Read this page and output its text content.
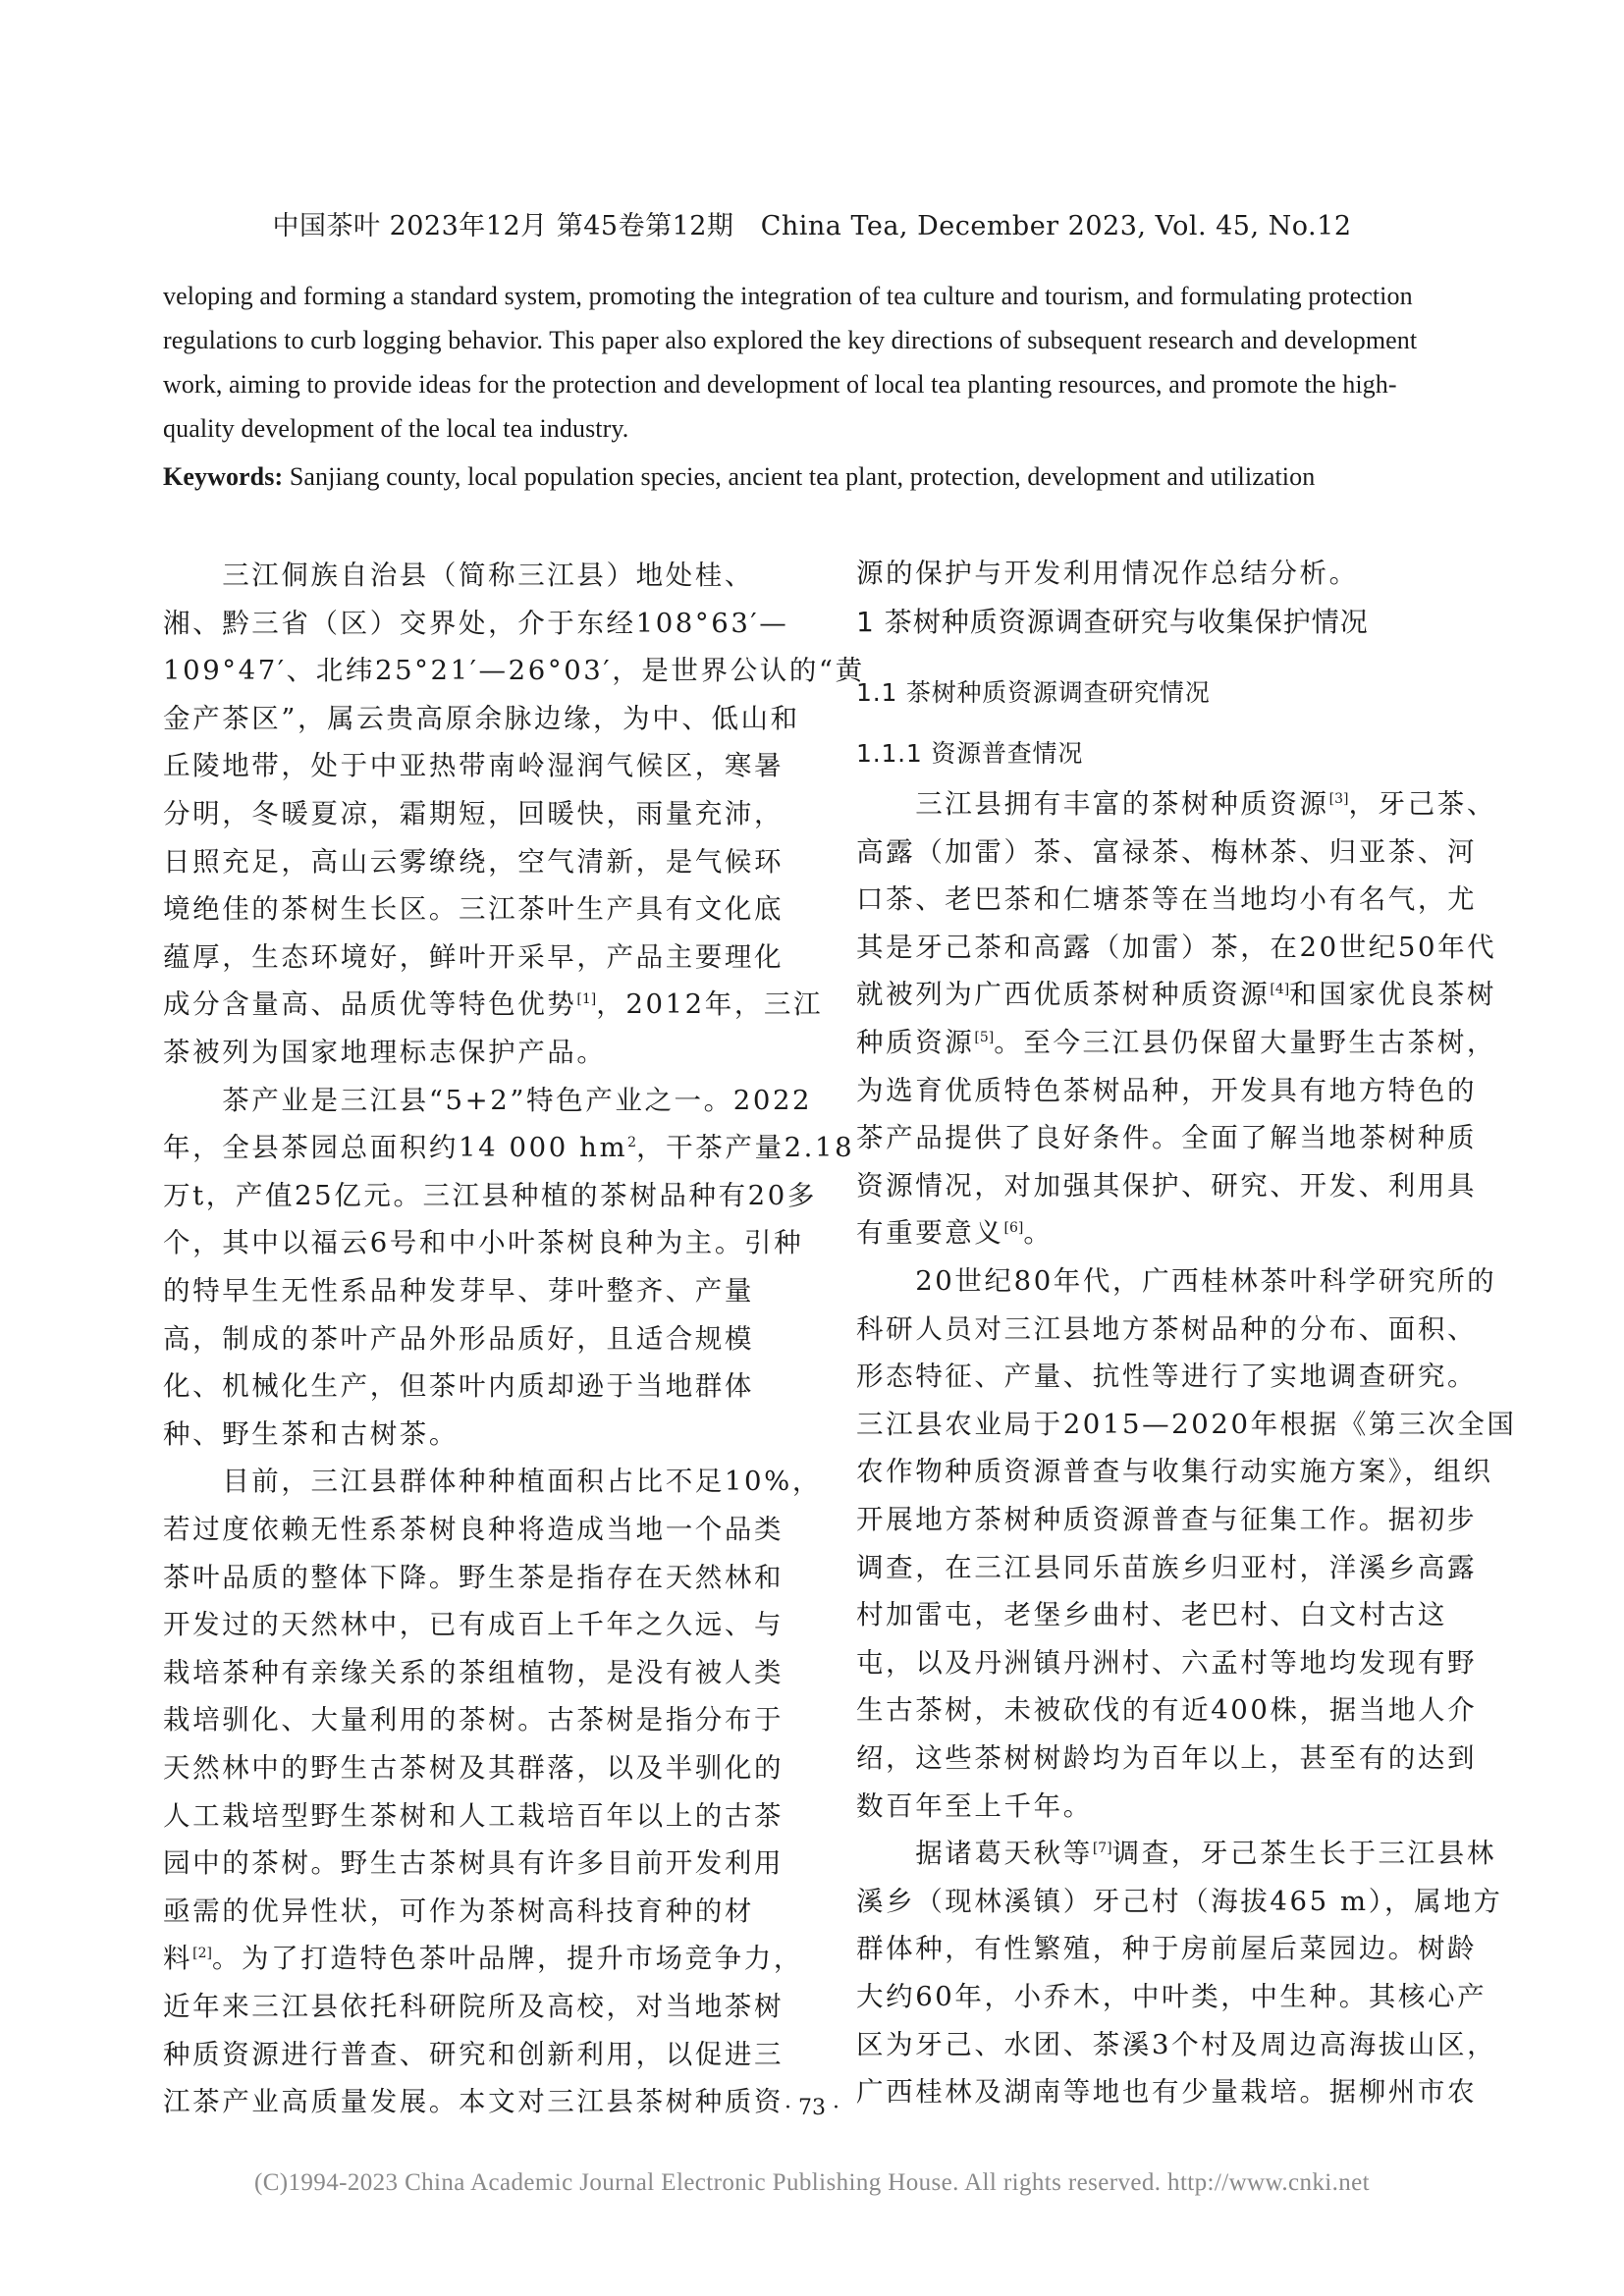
中国茶叶 2023年12月 第45卷第12期 China Tea, December 2023, Vol. 45, No.12
veloping and forming a standard system, promoting the integration of tea culture and tourism, and formulating protection
regulations to curb logging behavior. This paper also explored the key directions of subsequent research and development
work, aiming to provide ideas for the protection and development of local tea planting resources, and promote the high-
quality development of the local tea industry.
Keywords: Sanjiang county, local population species, ancient tea plant, protection, development and utilization
　　三江侗族自治县（简称三江县）地处桂、
湘、黔三省（区）交界处，介于东经108°63′—
109°47′、北纬25°21′—26°03′，是世界公认的“黄
金产茶区”，属云贵高原余脉边缘，为中、低山和
丘陵地带，处于中亚热带南岭湿润气候区，寒暑
分明，冬暖夏凉，霜期短，回暖快，雨量充沛，
日照充足，高山云雾缭绕，空气清新，是气候环
境绝佳的茶树生长区。三江茶叶生产具有文化底
蕴厚，生态环境好，鲜叶开采早，产品主要理化
成分含量高、品质优等特色优势[1]，2012年，三江
茶被列为国家地理标志保护产品。
　　茶产业是三江县“5+2”特色产业之一。2022
年，全县茶园总面积约14 000 $hm^2$，干茶产量2.18
万t，产值25亿元。三江县种植的茶树品种有20多
个，其中以福云6号和中小叶茶树良种为主。引种
的特早生无性系品种发芽早、芽叶整齐、产量
高，制成的茶叶产品外形品质好，且适合规模
化、机械化生产，但茶叶内质却逊于当地群体
种、野生茶和古树茶。
　　目前，三江县群体种种植面积占比不足10%，
若过度依赖无性系茶树良种将造成当地一个品类
茶叶品质的整体下降。野生茶是指存在天然林和
开发过的天然林中，已有成百上千年之久远、与
栽培茶种有亲缘关系的茶组植物，是没有被人类
栽培驯化、大量利用的茶树。古茶树是指分布于
天然林中的野生古茶树及其群落，以及半驯化的
人工栽培型野生茶树和人工栽培百年以上的古茶
园中的茶树。野生古茶树具有许多目前开发利用
亟需的优异性状，可作为茶树高科技育种的材
料[2]。为了打造特色茶叶品牌，提升市场竞争力，
近年来三江县依托科研院所及高校，对当地茶树
种质资源进行普查、研究和创新利用，以促进三
江茶产业高质量发展。本文对三江县茶树种质资
源的保护与开发利用情况作总结分析。
1 茶树种质资源调查研究与收集保护情况
1.1 茶树种质资源调查研究情况
1.1.1 资源普查情况
　　三江县拥有丰富的茶树种质资源[3]，牙己茶、
高露（加雷）茶、富禄茶、梅林茶、归亚茶、河
口茶、老巴茶和仁塘茶等在当地均小有名气，尤
其是牙己茶和高露（加雷）茶，在20世纪50年代
就被列为广西优质茶树种质资源[4]和国家优良茶树
种质资源[5]。至今三江县仍保留大量野生古茶树，
为选育优质特色茶树品种，开发具有地方特色的
茶产品提供了良好条件。全面了解当地茶树种质
资源情况，对加强其保护、研究、开发、利用具
有重要意义[6]。
　　20世纪80年代，广西桂林茶叶科学研究所的
科研人员对三江县地方茶树品种的分布、面积、
形态特征、产量、抗性等进行了实地调查研究。
三江县农业局于2015—2020年根据《第三次全国
农作物种质资源普查与收集行动实施方案》，组织
开展地方茶树种质资源普查与征集工作。据初步
调查，在三江县同乐苗族乡归亚村，洋溪乡高露
村加雷屯，老堡乡曲村、老巴村、白文村古这
屯，以及丹洲镇丹洲村、六孟村等地均发现有野
生古茶树，未被砍伐的有近400株，据当地人介
绍，这些茶树树龄均为百年以上，甚至有的达到
数百年至上千年。
　　据诸葛天秋等[7]调查，牙己茶生长于三江县林
溪乡（现林溪镇）牙己村（海拔465 m），属地方
群体种，有性繁殖，种于房前屋后菜园边。树龄
大约60年，小乔木，中叶类，中生种。其核心产
区为牙己、水团、茶溪3个村及周边高海拔山区，
广西桂林及湖南等地也有少量栽培。据柳州市农
· 73 ·
(C)1994-2023 China Academic Journal Electronic Publishing House. All rights reserved. http://www.cnki.net
